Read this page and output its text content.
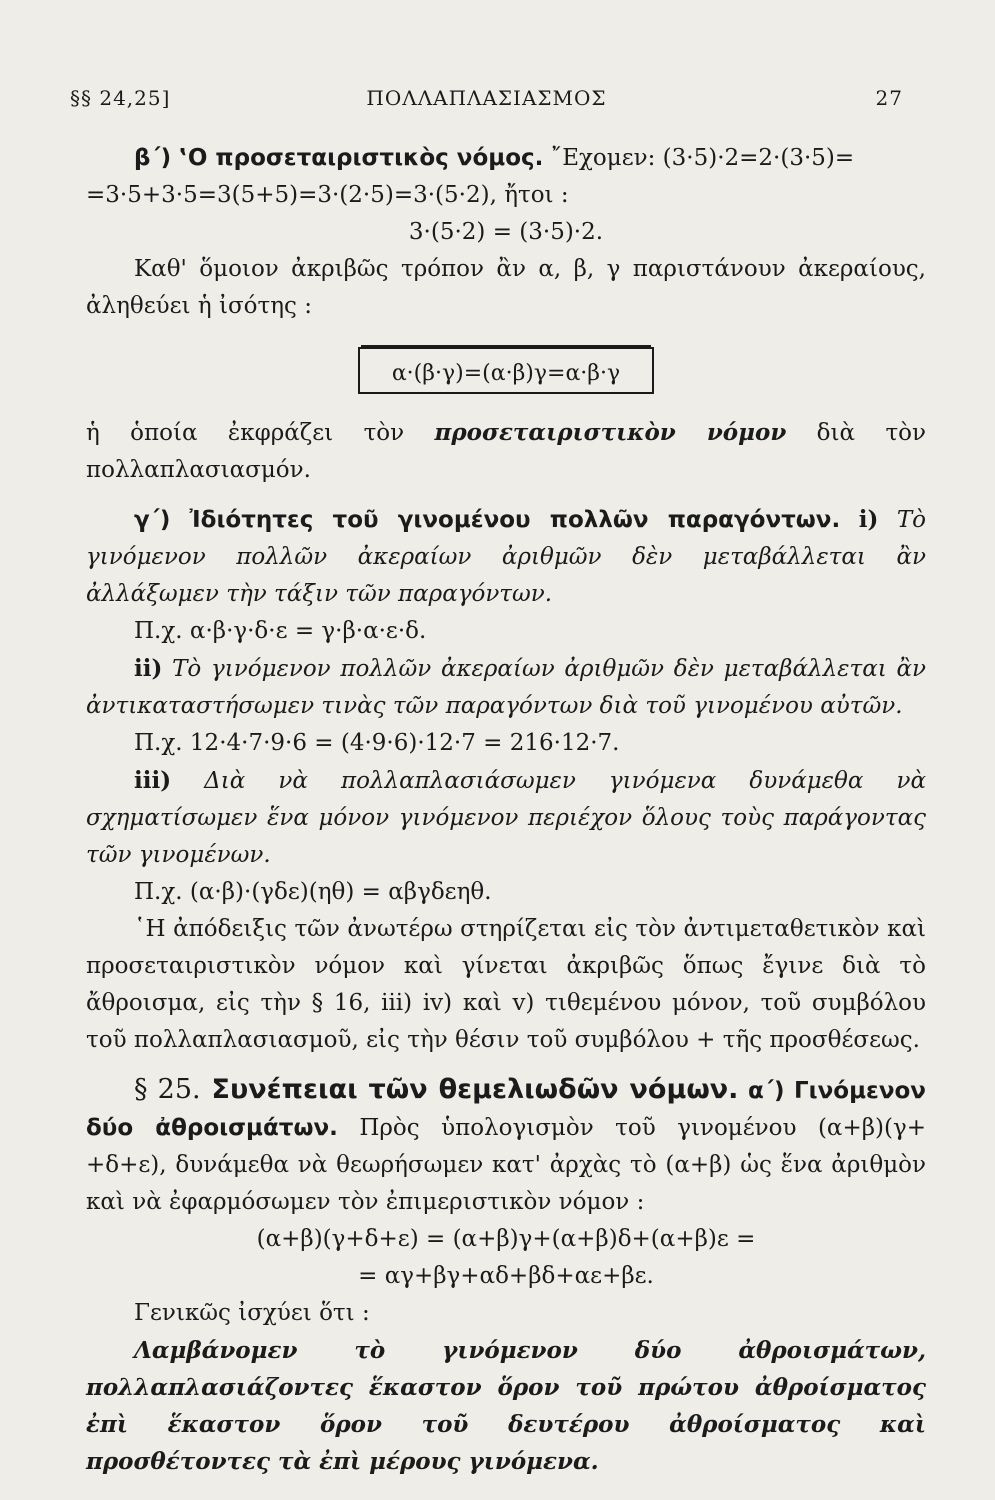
§§ 24,25]	ΠΟΛΛΑΠΛΑΣΙΑΣΜΟΣ	27

β΄) ‛Ο προσεταιριστικὸς νόμος. ῎Εχομεν: (3·5)·2=2·(3·5)=
=3·5+3·5=3(5+5)=3·(2·5)=3·(5·2), ἤτοι :

3·(5·2) = (3·5)·2.

Καθ' ὅμοιον ἀκριβῶς τρόπον ἂν α, β, γ παριστάνουν ἀκεραίους, ἀληθεύει ἡ ἰσότης :

α·(β·γ)=(α·β)γ=α·β·γ

ἡ ὁποία ἐκφράζει τὸν προσεταιριστικὸν νόμον διὰ τὸν πολλαπλασιασμόν.

γ΄) Ἰδιότητες τοῦ γινομένου πολλῶν παραγόντων. i) Τὸ γινόμενον πολλῶν ἀκεραίων ἀριθμῶν δὲν μεταβάλλεται ἂν ἀλλάξωμεν τὴν τάξιν τῶν παραγόντων.

Π.χ. α·β·γ·δ·ε = γ·β·α·ε·δ.

ii) Τὸ γινόμενον πολλῶν ἀκεραίων ἀριθμῶν δὲν μεταβάλλεται ἂν ἀντικαταστήσωμεν τινὰς τῶν παραγόντων διὰ τοῦ γινομένου αὐτῶν.

Π.χ. 12·4·7·9·6 = (4·9·6)·12·7 = 216·12·7.

iii) Διὰ νὰ πολλαπλασιάσωμεν γινόμενα δυνάμεθα νὰ σχηματίσωμεν ἕνα μόνον γινόμενον περιέχον ὅλους τοὺς παράγοντας τῶν γινομένων.

Π.χ. (α·β)·(γδε)(ηθ) = αβγδεηθ.

῾Η ἀπόδειξις τῶν ἀνωτέρω στηρίζεται εἰς τὸν ἀντιμεταθετικὸν καὶ προσεταιριστικὸν νόμον καὶ γίνεται ἀκριβῶς ὅπως ἔγινε διὰ τὸ ἄθροισμα, εἰς τὴν § 16, iii) iv) καὶ v) τιθεμένου μόνον, τοῦ συμβόλου τοῦ πολλαπλασιασμοῦ, εἰς τὴν θέσιν τοῦ συμβόλου + τῆς προσθέσεως.

§ 25. Συνέπειαι τῶν θεμελιωδῶν νόμων. α΄) Γινόμενον δύο ἀθροισμάτων. Πρὸς ὑπολογισμὸν τοῦ γινομένου (α+β)(γ+ +δ+ε), δυνάμεθα νὰ θεωρήσωμεν κατ' ἀρχὰς τὸ (α+β) ὡς ἕνα ἀριθμὸν καὶ νὰ ἐφαρμόσωμεν τὸν ἐπιμεριστικὸν νόμον :

(α+β)(γ+δ+ε) = (α+β)γ+(α+β)δ+(α+β)ε =

= αγ+βγ+αδ+βδ+αε+βε.

Γενικῶς ἰσχύει ὅτι :

Λαμβάνομεν τὸ γινόμενον δύο ἀθροισμάτων, πολλαπλασιάζοντες ἕκαστον ὅρον τοῦ πρώτου ἀθροίσματος ἐπὶ ἕκαστον ὅρον τοῦ δευτέρου ἀθροίσματος καὶ προσθέτοντες τὰ ἐπὶ μέρους γινόμενα.
